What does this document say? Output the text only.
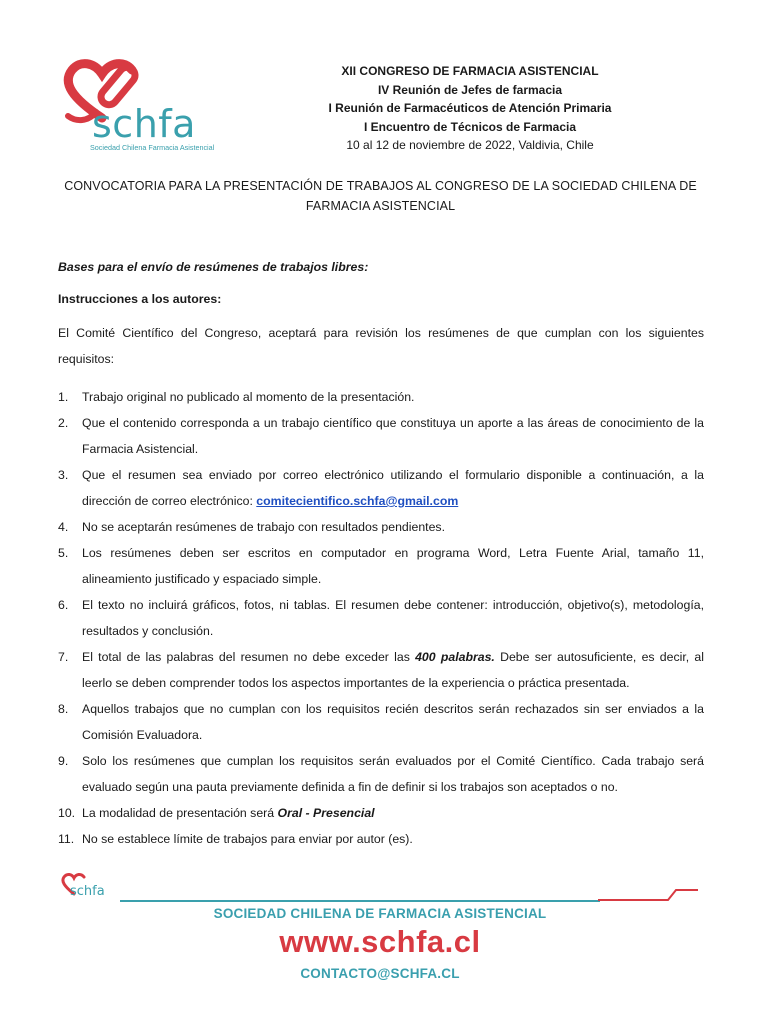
schfa
Sociedad Chilena Farmacia Asistencial
XII CONGRESO DE FARMACIA ASISTENCIAL
IV Reunión de Jefes de farmacia
I Reunión de Farmacéuticos de Atención Primaria
I Encuentro de Técnicos de Farmacia
10 al 12 de noviembre de 2022, Valdivia, Chile
CONVOCATORIA PARA LA PRESENTACIÓN DE TRABAJOS AL CONGRESO DE LA SOCIEDAD CHILENA DE FARMACIA ASISTENCIAL

Bases para el envío de resúmenes de trabajos libres:

Instrucciones a los autores:

El Comité Científico del Congreso, aceptará para revisión los resúmenes de que cumplan con los siguientes requisitos:

1. Trabajo original no publicado al momento de la presentación.
2. Que el contenido corresponda a un trabajo científico que constituya un aporte a las áreas de conocimiento de la Farmacia Asistencial.
3. Que el resumen sea enviado por correo electrónico utilizando el formulario disponible a continuación, a la dirección de correo electrónico: comitecientifico.schfa@gmail.com
4. No se aceptarán resúmenes de trabajo con resultados pendientes.
5. Los resúmenes deben ser escritos en computador en programa Word, Letra Fuente Arial, tamaño 11, alineamiento justificado y espaciado simple.
6. El texto no incluirá gráficos, fotos, ni tablas. El resumen debe contener: introducción, objetivo(s), metodología, resultados y conclusión.
7. El total de las palabras del resumen no debe exceder las 400 palabras. Debe ser autosuficiente, es decir, al leerlo se deben comprender todos los aspectos importantes de la experiencia o práctica presentada.
8. Aquellos trabajos que no cumplan con los requisitos recién descritos serán rechazados sin ser enviados a la Comisión Evaluadora.
9. Solo los resúmenes que cumplan los requisitos serán evaluados por el Comité Científico. Cada trabajo será evaluado según una pauta previamente definida a fin de definir si los trabajos son aceptados o no.
10. La modalidad de presentación será Oral - Presencial
11. No se establece límite de trabajos para enviar por autor (es).
schfa
SOCIEDAD CHILENA DE FARMACIA ASISTENCIAL
www.schfa.cl
CONTACTO@SCHFA.CL
